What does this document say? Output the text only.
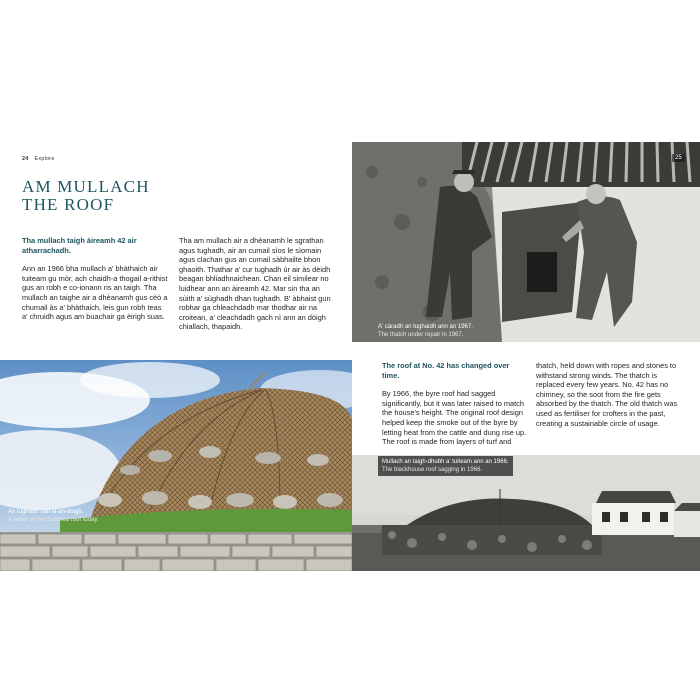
24 Explore
AM MULLACH
THE ROOF

Tha mullach taigh àireamh 42 air atharrachadh.

Ann an 1966 bha mullach a' bhàthaich air tuiteam gu mòr, ach chaidh-a thogail a-rithist gus an robh e co-ionann ris an taigh. Tha mullach an taighe air a dhèanamh gus cèò a chumail às a' bhàthaich, leis gun robh teas a' chruidh agus am buachair ga èirigh suas.

Tha am mullach air a dhèanamh le sgrathan agus tughadh, air an cumail sìos le sìomain agus clachan gus an cumail sàbhailte bhon ghaoith. Thathar a' cur tughadh ùr air às dèidh beagan bhliadhnaichean. Chan eil similear no luidhear ann an àireamh 42. Mar sin tha an sùith a' sùghadh dhan tughadh. B' àbhaist gun robhar ga chleachdadh mar thodhar air na croitean, a' cleachdadh gach nì ann an dòigh chiallach, thapaidh.

An tughadh san là-an-diugh.
A detail of the thatched roof today.
25
A' càradh an tughaidh ann an 1967.
The thatch under repair in 1967.

The roof at No. 42 has changed over time.

By 1966, the byre roof had sagged significantly, but it was later raised to match the house's height. The original roof design helped keep the smoke out of the byre by letting heat from the cattle and dung rise up. The roof is made from layers of turf and

thatch, held down with ropes and stones to withstand strong winds. The thatch is replaced every few years. No. 42 has no chimney, so the soot from the fire gets absorbed by the thatch. The old thatch was used as fertiliser for crofters in the past, creating a sustainable circle of usage.

Mullach an taigh-dhubh a' tuiteam ann an 1966.
The blackhouse roof sagging in 1966.
